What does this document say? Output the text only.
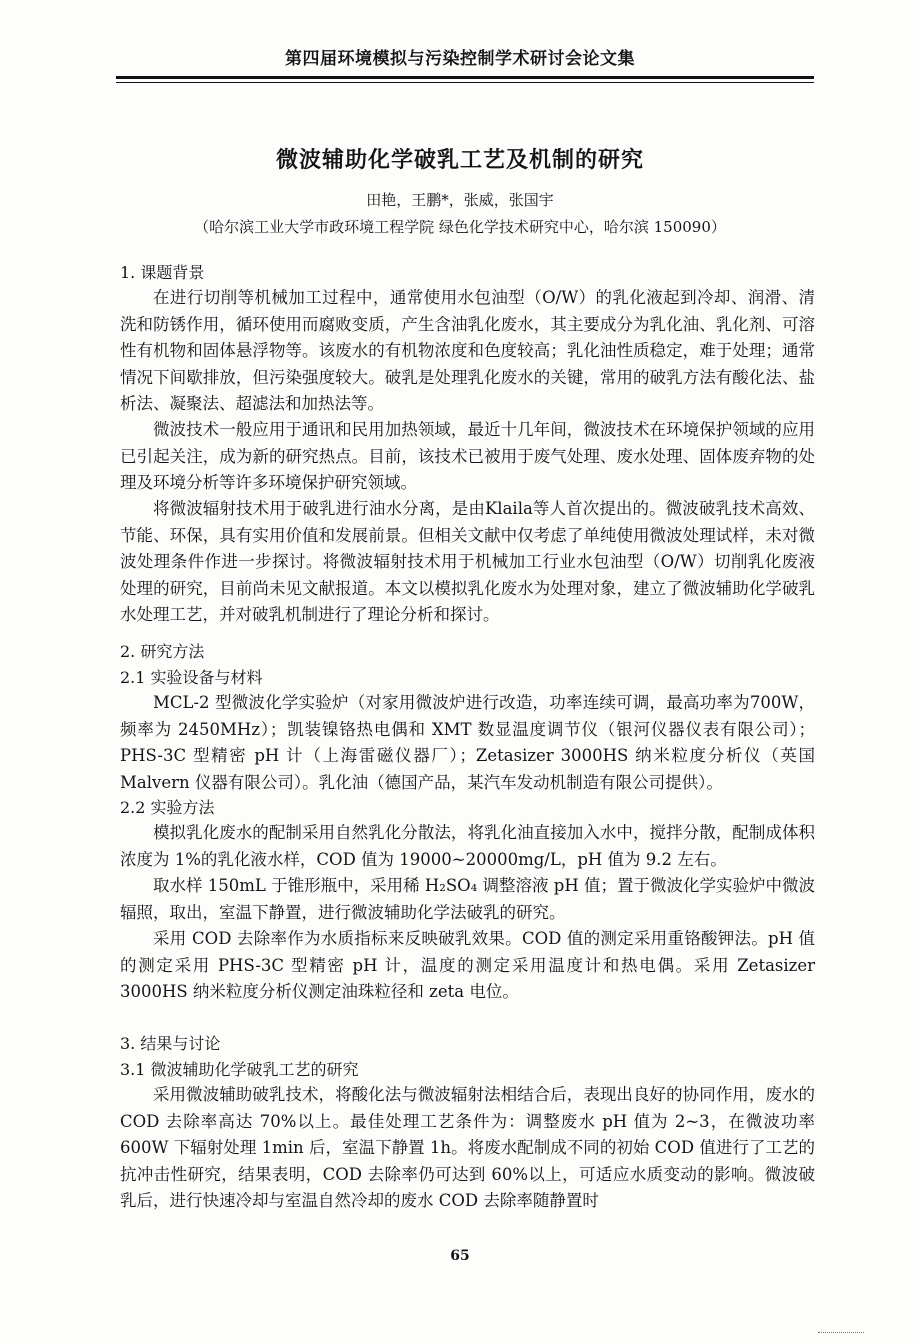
第四届环境模拟与污染控制学术研讨会论文集
微波辅助化学破乳工艺及机制的研究
田艳，王鹏*，张威，张国宇
（哈尔滨工业大学市政环境工程学院 绿色化学技术研究中心，哈尔滨 150090）
1. 课题背景

在进行切削等机械加工过程中，通常使用水包油型（O/W）的乳化液起到冷却、润滑、清洗和防锈作用，循环使用而腐败变质，产生含油乳化废水，其主要成分为乳化油、乳化剂、可溶性有机物和固体悬浮物等。该废水的有机物浓度和色度较高；乳化油性质稳定，难于处理；通常情况下间歇排放，但污染强度较大。破乳是处理乳化废水的关键，常用的破乳方法有酸化法、盐析法、凝聚法、超滤法和加热法等。

微波技术一般应用于通讯和民用加热领域，最近十几年间，微波技术在环境保护领域的应用已引起关注，成为新的研究热点。目前，该技术已被用于废气处理、废水处理、固体废弃物的处理及环境分析等许多环境保护研究领域。

将微波辐射技术用于破乳进行油水分离，是由Klaila等人首次提出的。微波破乳技术高效、节能、环保，具有实用价值和发展前景。但相关文献中仅考虑了单纯使用微波处理试样，未对微波处理条件作进一步探讨。将微波辐射技术用于机械加工行业水包油型（O/W）切削乳化废液处理的研究，目前尚未见文献报道。本文以模拟乳化废水为处理对象，建立了微波辅助化学破乳水处理工艺，并对破乳机制进行了理论分析和探讨。

2. 研究方法
2.1 实验设备与材料

MCL-2 型微波化学实验炉（对家用微波炉进行改造，功率连续可调，最高功率为700W，频率为 2450MHz）；凯装镍铬热电偶和 XMT 数显温度调节仪（银河仪器仪表有限公司）；PHS-3C 型精密 pH 计（上海雷磁仪器厂）；Zetasizer 3000HS 纳米粒度分析仪（英国 Malvern 仪器有限公司）。乳化油（德国产品，某汽车发动机制造有限公司提供）。

2.2 实验方法

模拟乳化废水的配制采用自然乳化分散法，将乳化油直接加入水中，搅拌分散，配制成体积浓度为 1%的乳化液水样，COD 值为 19000~20000mg/L，pH 值为 9.2 左右。

取水样 150mL 于锥形瓶中，采用稀 H₂SO₄ 调整溶液 pH 值；置于微波化学实验炉中微波辐照，取出，室温下静置，进行微波辅助化学法破乳的研究。

采用 COD 去除率作为水质指标来反映破乳效果。COD 值的测定采用重铬酸钾法。pH 值的测定采用 PHS-3C 型精密 pH 计，温度的测定采用温度计和热电偶。采用 Zetasizer 3000HS 纳米粒度分析仪测定油珠粒径和 zeta 电位。

3. 结果与讨论
3.1 微波辅助化学破乳工艺的研究

采用微波辅助破乳技术，将酸化法与微波辐射法相结合后，表现出良好的协同作用，废水的 COD 去除率高达 70%以上。最佳处理工艺条件为：调整废水 pH 值为 2~3，在微波功率 600W 下辐射处理 1min 后，室温下静置 1h。将废水配制成不同的初始 COD 值进行了工艺的抗冲击性研究，结果表明，COD 去除率仍可达到 60%以上，可适应水质变动的影响。微波破乳后，进行快速冷却与室温自然冷却的废水 COD 去除率随静置时

65
